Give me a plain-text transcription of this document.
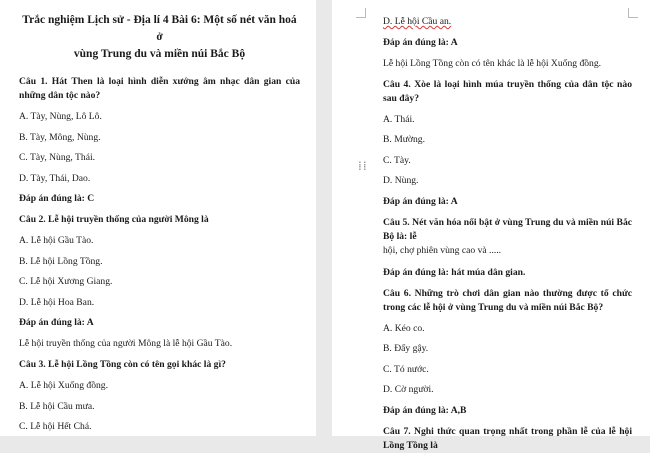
Trắc nghiệm Lịch sử - Địa lí 4 Bài 6: Một số nét văn hoá ở
vùng Trung du và miền núi Bắc Bộ

Câu 1. Hát Then là loại hình diễn xướng âm nhạc dân gian của những dân tộc nào?

A. Tày, Nùng, Lô Lô.

B. Tày, Mông, Nùng.

C. Tày, Nùng, Thái.

D. Tày, Thái, Dao.

Đáp án đúng là: C

Câu 2. Lễ hội truyền thống của người Mông là

A. Lễ hội Gầu Tào.

B. Lễ hội Lồng Tồng.

C. Lễ hội Xương Giang.

D. Lễ hội Hoa Ban.

Đáp án đúng là: A

Lễ hội truyền thống của người Mông là lễ hội Gầu Tào.

Câu 3. Lễ hội Lồng Tồng còn có tên gọi khác là gì?

A. Lễ hội Xuống đồng.

B. Lễ hội Cầu mưa.

C. Lễ hội Hết Chá.

⁞⁞

D. Lễ hội Cầu an.

Đáp án đúng là: A

Lễ hội Lồng Tồng còn có tên khác là lễ hội Xuống đồng.

Câu 4. Xòe là loại hình múa truyền thống của dân tộc nào sau đây?

A. Thái.

B. Mường.

C. Tày.

D. Nùng.

Đáp án đúng là: A

Câu 5. Nét văn hóa nổi bật ở vùng Trung du và miền núi Bắc Bộ là: lễ
hội, chợ phiên vùng cao và .....

Đáp án đúng là: hát múa dân gian.

Câu 6. Những trò chơi dân gian nào thường được tổ chức trong các lễ hội ở vùng Trung du và miền núi Bắc Bộ?

A. Kéo co.

B. Đẩy gậy.

C. Tó nước.

D. Cờ người.

Đáp án đúng là: A,B

Câu 7. Nghi thức quan trọng nhất trong phần lễ của lễ hội Lồng Tồng là
